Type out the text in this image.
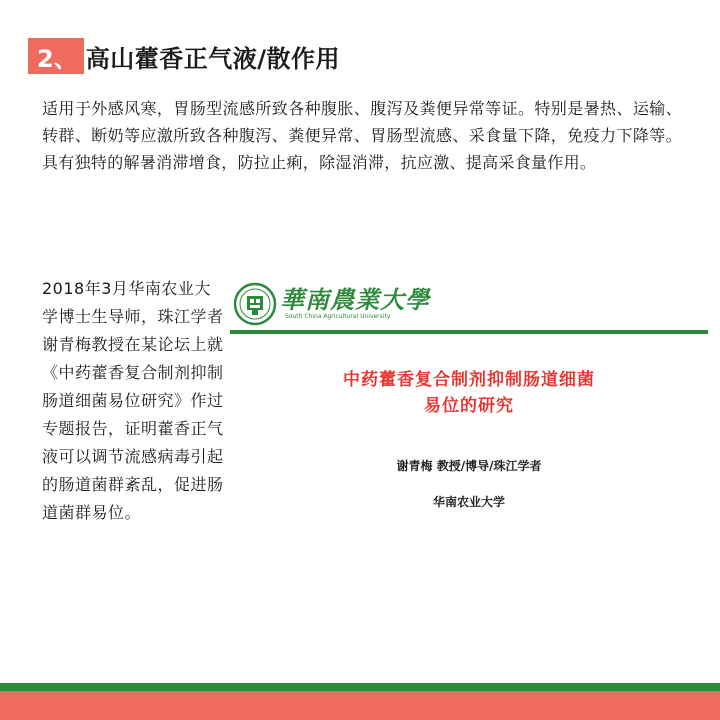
2、 高山藿香正气液/散作用
适用于外感风寒，胃肠型流感所致各种腹胀、腹泻及粪便异常等证。特别是暑热、运输、转群、断奶等应激所致各种腹泻、粪便异常、胃肠型流感、采食量下降，免疫力下降等。具有独特的解暑消滞增食，防拉止痢，除湿消滞，抗应激、提高采食量作用。
2018年3月华南农业大学博士生导师，珠江学者谢青梅教授在某论坛上就《中药藿香复合制剂抑制肠道细菌易位研究》作过专题报告，证明藿香正气液可以调节流感病毒引起的肠道菌群紊乱，促进肠道菌群易位。
華南農業大學
South China Agricultural University
中药藿香复合制剂抑制肠道细菌
易位的研究
谢青梅 教授/博导/珠江学者
华南农业大学
